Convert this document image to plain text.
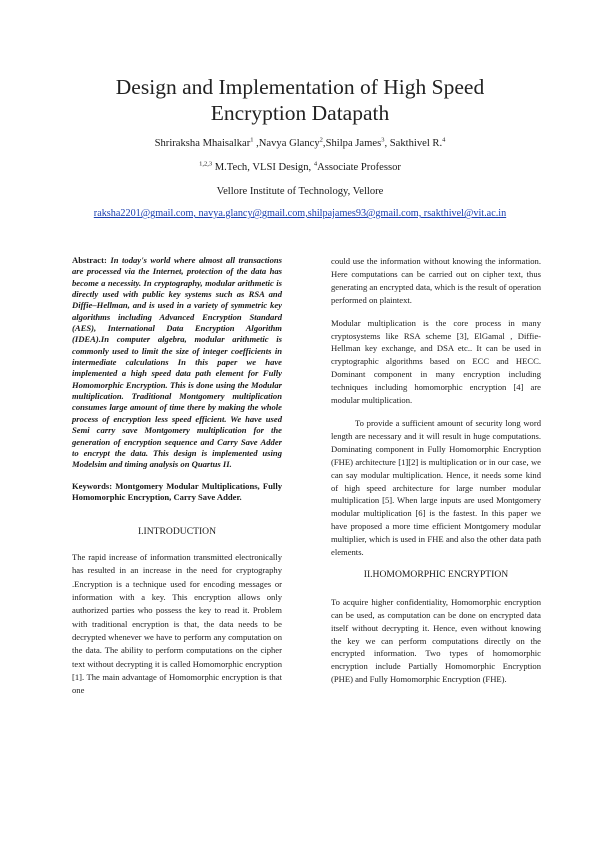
Design and Implementation of High Speed
Encryption Datapath
Shriraksha Mhaisalkar$^1$ ,Navya Glancy$^2$,Shilpa James$^3$, Sakthivel R.$^4$
$^{1,2,3}$ M.Tech, VLSI Design, $^4$Associate Professor
Vellore Institute of Technology, Vellore
raksha2201@gmail.com, navya.glancy@gmail.com,shilpajames93@gmail.com, rsakthivel@vit.ac.in

Abstract: In today's world where almost all transactions are processed via the Internet, protection of the data has become a necessity. In cryptography, modular arithmetic is directly used with public key systems such as RSA and Diffie–Hellman, and is used in a variety of symmetric key algorithms including Advanced Encryption Standard (AES), International Data Encryption Algorithm (IDEA).In computer algebra, modular arithmetic is commonly used to limit the size of integer coefficients in intermediate calculations In this paper we have implemented a high speed data path element for Fully Homomorphic Encryption. This is done using the Modular multiplication. Traditional Montgomery multiplication consumes large amount of time there by making the whole process of encryption less speed efficient. We have used Semi carry save Montgomery multiplication for the generation of encryption sequence and Carry Save Adder to encrypt the data. This design is implemented using Modelsim and timing analysis on Quartus II.

Keywords: Montgomery Modular Multiplications, Fully Homomorphic Encryption, Carry Save Adder.
I.INTRODUCTION

The rapid increase of information transmitted electronically has resulted in an increase in the need for cryptography .Encryption is a technique used for encoding messages or information with a key. This encryption allows only authorized parties who possess the key to read it. Problem with traditional encryption is that, the data needs to be decrypted whenever we have to perform any computation on the data. The ability to perform computations on the cipher text without decrypting it is called Homomorphic encryption [1]. The main advantage of Homomorphic encryption is that one

could use the information without knowing the information. Here computations can be carried out on cipher text, thus generating an encrypted data, which is the result of operation performed on plaintext.

Modular multiplication is the core process in many cryptosystems like RSA scheme [3], ElGamal , Diffie-Hellman key exchange, and DSA etc.. It can be used in cryptographic algorithms based on ECC and HECC. Dominant component in many encryption including techniques including homomorphic encryption [4] are modular multiplication.

To provide a sufficient amount of security long word length are necessary and it will result in huge computations. Dominating component in Fully Homomorphic Encryption (FHE) architecture [1][2] is multiplication or in our case, we can say modular multiplication. Hence, it needs some kind of high speed architecture for large number modular multiplication [5]. When large inputs are used Montgomery modular multiplication [6] is the fastest. In this paper we have proposed a more time efficient Montgomery modular multiplier, which is used in FHE and also the other data path elements.

II.HOMOMORPHIC ENCRYPTION

To acquire higher confidentiality, Homomorphic encryption can be used, as computation can be done on encrypted data itself without decrypting it. Hence, even without knowing the key we can perform computations directly on the encrypted information. Two types of homomorphic encryption include Partially Homomorphic Encryption (PHE) and Fully Homomorphic Encryption (FHE).
